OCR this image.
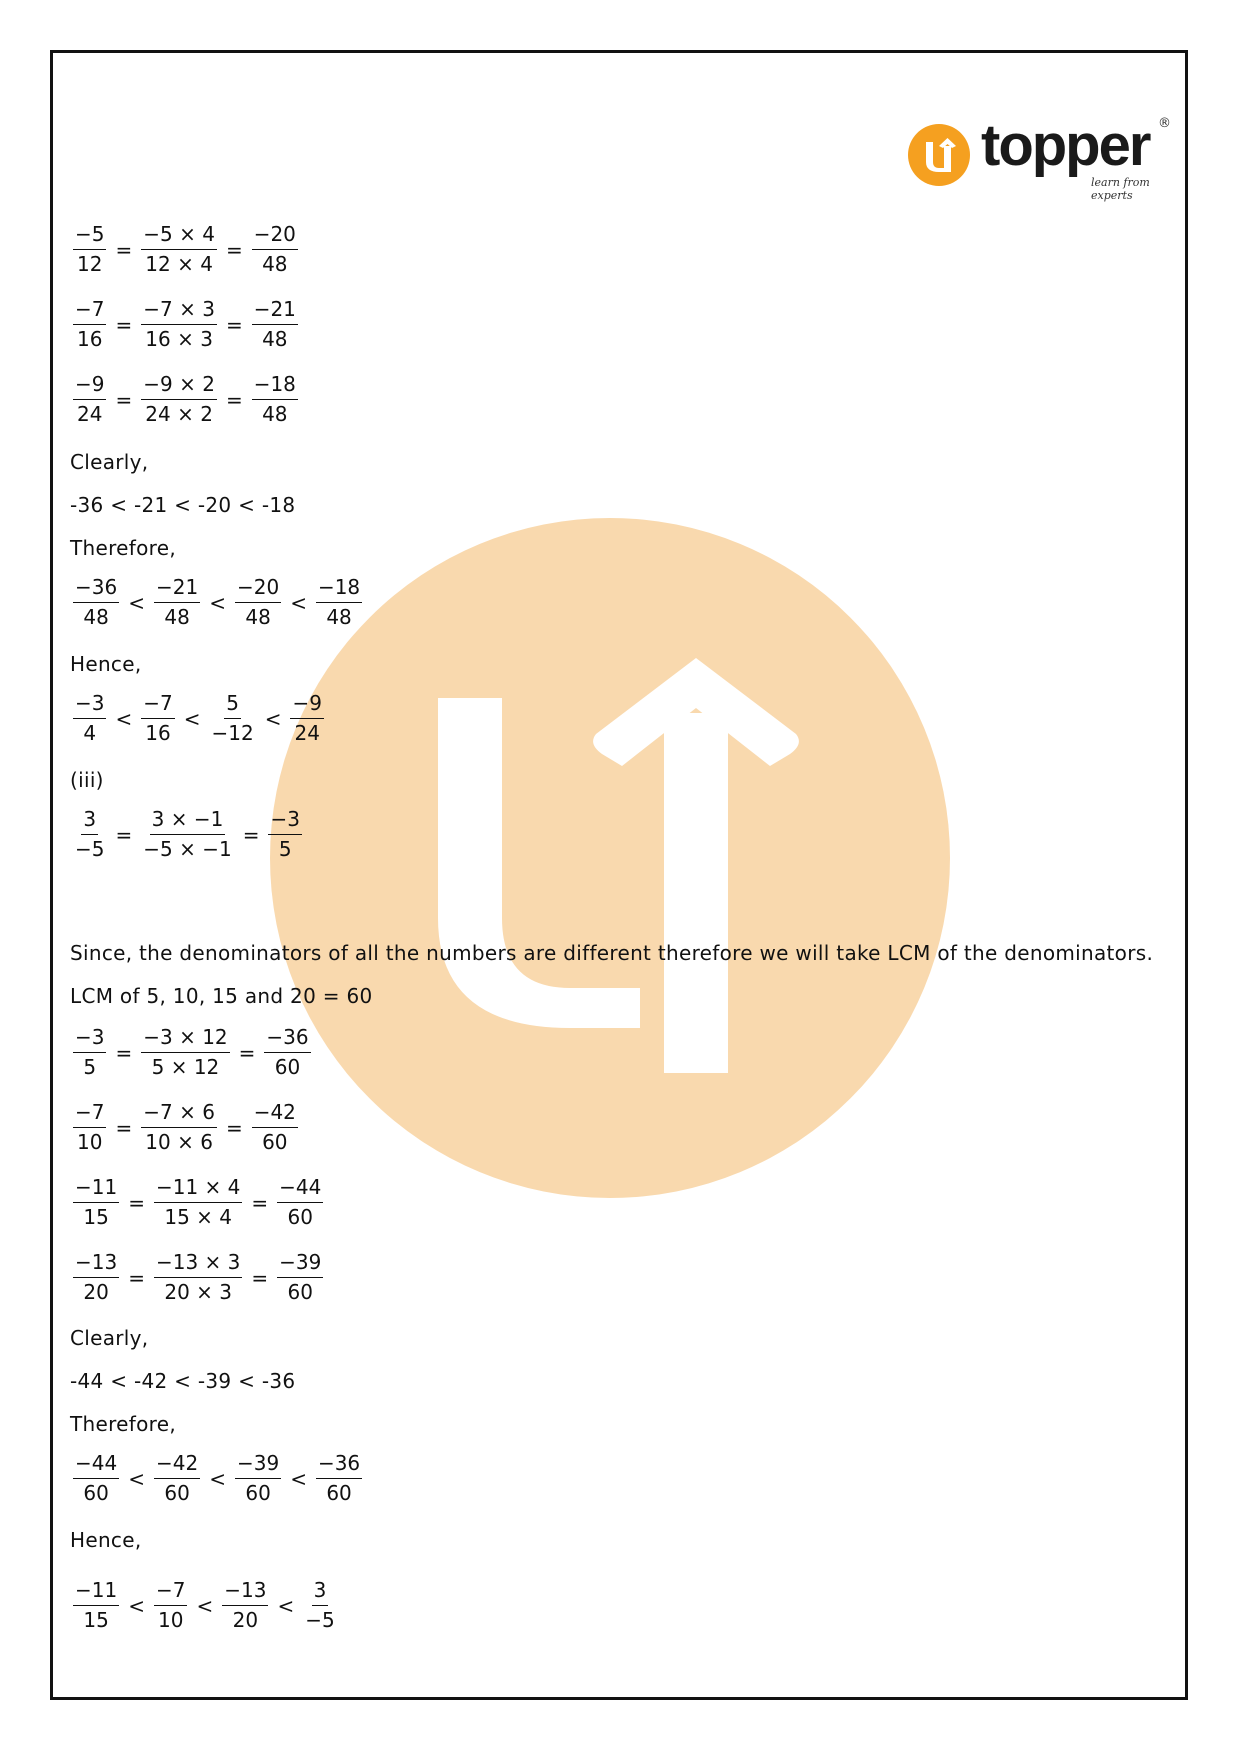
topper ®
learn from experts
$\frac{-5}{12} = \frac{-5 \times 4}{12 \times 4} = \frac{-20}{48}$
$\frac{-7}{16} = \frac{-7 \times 3}{16 \times 3} = \frac{-21}{48}$
$\frac{-9}{24} = \frac{-9 \times 2}{24 \times 2} = \frac{-18}{48}$
Clearly,
-36 < -21 < -20 < -18
Therefore,
$\frac{-36}{48} < \frac{-21}{48} < \frac{-20}{48} < \frac{-18}{48}$
Hence,
$\frac{-3}{4} < \frac{-7}{16} < \frac{5}{-12} < \frac{-9}{24}$
(iii)
$\frac{3}{-5} = \frac{3 \times -1}{-5 \times -1} = \frac{-3}{5}$
Since, the denominators of all the numbers are different therefore we will take LCM of the denominators.
LCM of 5, 10, 15 and 20 = 60
$\frac{-3}{5} = \frac{-3 \times 12}{5 \times 12} = \frac{-36}{60}$
$\frac{-7}{10} = \frac{-7 \times 6}{10 \times 6} = \frac{-42}{60}$
$\frac{-11}{15} = \frac{-11 \times 4}{15 \times 4} = \frac{-44}{60}$
$\frac{-13}{20} = \frac{-13 \times 3}{20 \times 3} = \frac{-39}{60}$
Clearly,
-44 < -42 < -39 < -36
Therefore,
$\frac{-44}{60} < \frac{-42}{60} < \frac{-39}{60} < \frac{-36}{60}$
Hence,
$\frac{-11}{15} < \frac{-7}{10} < \frac{-13}{20} < \frac{3}{-5}$
